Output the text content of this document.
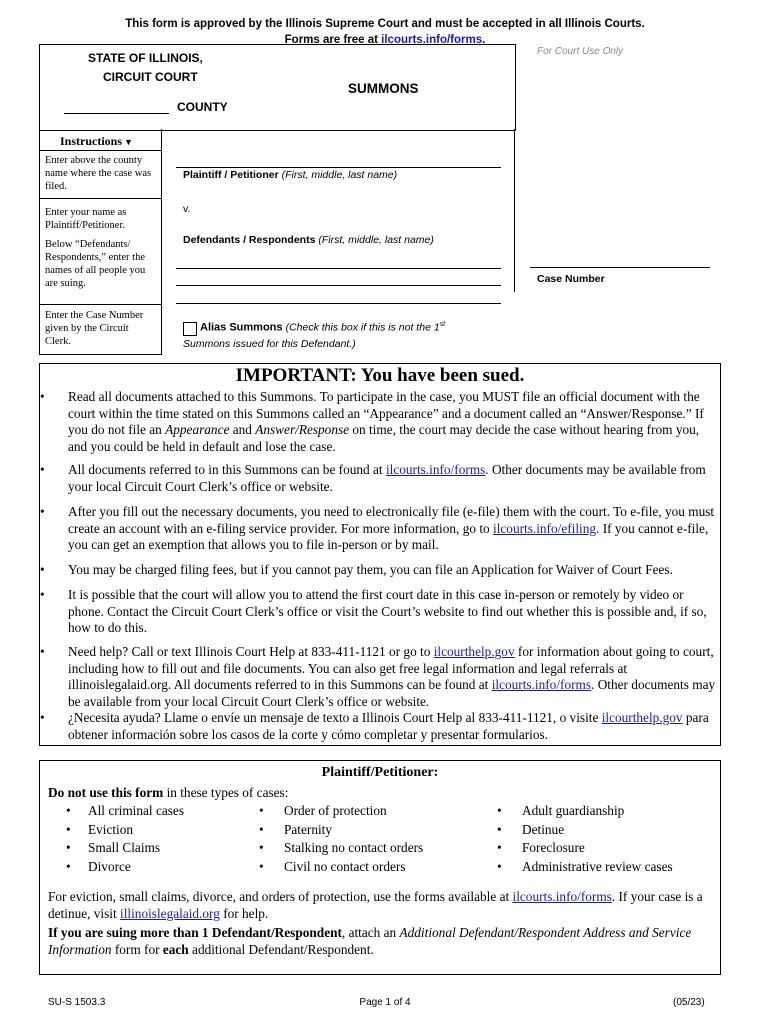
This form is approved by the Illinois Supreme Court and must be accepted in all Illinois Courts.
Forms are free at ilcourts.info/forms.
STATE OF ILLINOIS,
CIRCUIT COURT
COUNTY
SUMMONS
For Court Use Only
Instructions ▼
Enter above the county name where the case was filed.
Enter your name as Plaintiff/Petitioner.
Below “Defendants/ Respondents,” enter the names of all people you are suing.
Enter the Case Number given by the Circuit Clerk.
Plaintiff / Petitioner (First, middle, last name)
v.
Defendants / Respondents (First, middle, last name)
Case Number
Alias Summons (Check this box if this is not the 1st
Summons issued for this Defendant.)
IMPORTANT: You have been sued.
•	Read all documents attached to this Summons. To participate in the case, you MUST file an official document with the court within the time stated on this Summons called an “Appearance” and a document called an “Answer/Response.” If you do not file an Appearance and Answer/Response on time, the court may decide the case without hearing from you, and you could be held in default and lose the case.
•	All documents referred to in this Summons can be found at ilcourts.info/forms. Other documents may be available from your local Circuit Court Clerk’s office or website.
•	After you fill out the necessary documents, you need to electronically file (e-file) them with the court. To e-file, you must create an account with an e-filing service provider. For more information, go to ilcourts.info/efiling. If you cannot e-file, you can get an exemption that allows you to file in-person or by mail.
•	You may be charged filing fees, but if you cannot pay them, you can file an Application for Waiver of Court Fees.
•	It is possible that the court will allow you to attend the first court date in this case in-person or remotely by video or phone. Contact the Circuit Court Clerk’s office or visit the Court’s website to find out whether this is possible and, if so, how to do this.
•	Need help? Call or text Illinois Court Help at 833-411-1121 or go to ilcourthelp.gov for information about going to court, including how to fill out and file documents. You can also get free legal information and legal referrals at illinoislegalaid.org. All documents referred to in this Summons can be found at ilcourts.info/forms. Other documents may be available from your local Circuit Court Clerk’s office or website.
•	¿Necesita ayuda? Llame o envíe un mensaje de texto a Illinois Court Help al 833-411-1121, o visite ilcourthelp.gov para obtener información sobre los casos de la corte y cómo completar y presentar formularios.
Plaintiff/Petitioner:
Do not use this form in these types of cases:
• All criminal cases
• Eviction
• Small Claims
• Divorce
• Order of protection
• Paternity
• Stalking no contact orders
• Civil no contact orders
• Adult guardianship
• Detinue
• Foreclosure
• Administrative review cases
For eviction, small claims, divorce, and orders of protection, use the forms available at ilcourts.info/forms. If your case is a detinue, visit illinoislegalaid.org for help.
If you are suing more than 1 Defendant/Respondent, attach an Additional Defendant/Respondent Address and Service Information form for each additional Defendant/Respondent.
SU-S 1503.3	Page 1 of 4	(05/23)
